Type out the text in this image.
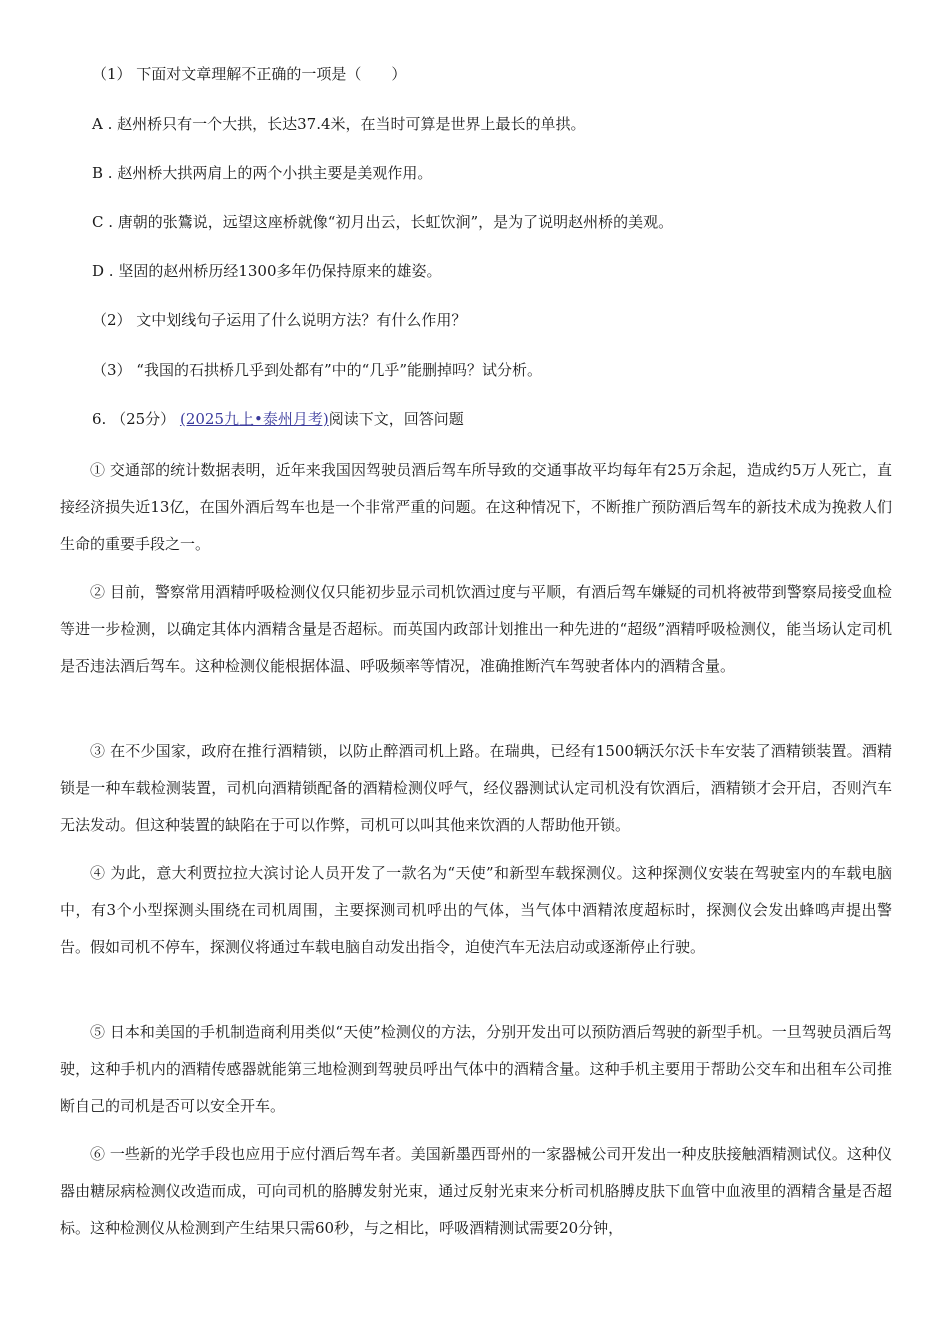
（1） 下面对文章理解不正确的一项是（　　）
A . 赵州桥只有一个大拱，长达37.4米，在当时可算是世界上最长的单拱。
B . 赵州桥大拱两肩上的两个小拱主要是美观作用。
C . 唐朝的张鷟说，远望这座桥就像“初月出云，长虹饮涧”，是为了说明赵州桥的美观。
D . 坚固的赵州桥历经1300多年仍保持原来的雄姿。
（2） 文中划线句子运用了什么说明方法？有什么作用？
（3） “我国的石拱桥几乎到处都有”中的“几乎”能删掉吗？试分析。
6. （25分） (2025九上•泰州月考)阅读下文，回答问题
① 交通部的统计数据表明，近年来我国因驾驶员酒后驾车所导致的交通事故平均每年有25万余起，造成约5万人死亡，直接经济损失近13亿，在国外酒后驾车也是一个非常严重的问题。在这种情况下，不断推广预防酒后驾车的新技术成为挽救人们生命的重要手段之一。
② 目前，警察常用酒精呼吸检测仪仅只能初步显示司机饮酒过度与平顺，有酒后驾车嫌疑的司机将被带到警察局接受血检等进一步检测，以确定其体内酒精含量是否超标。而英国内政部计划推出一种先进的“超级”酒精呼吸检测仪，能当场认定司机是否违法酒后驾车。这种检测仪能根据体温、呼吸频率等情况，准确推断汽车驾驶者体内的酒精含量。
③ 在不少国家，政府在推行酒精锁，以防止醉酒司机上路。在瑞典，已经有1500辆沃尔沃卡车安装了酒精锁装置。酒精锁是一种车载检测装置，司机向酒精锁配备的酒精检测仪呼气，经仪器测试认定司机没有饮酒后，酒精锁才会开启，否则汽车无法发动。但这种装置的缺陷在于可以作弊，司机可以叫其他来饮酒的人帮助他开锁。
④ 为此，意大利贾拉拉大滨讨论人员开发了一款名为“天使”和新型车载探测仪。这种探测仪安装在驾驶室内的车载电脑中，有3个小型探测头围绕在司机周围，主要探测司机呼出的气体，当气体中酒精浓度超标时，探测仪会发出蜂鸣声提出警告。假如司机不停车，探测仪将通过车载电脑自动发出指令，迫使汽车无法启动或逐渐停止行驶。
⑤ 日本和美国的手机制造商利用类似“天使”检测仪的方法，分别开发出可以预防酒后驾驶的新型手机。一旦驾驶员酒后驾驶，这种手机内的酒精传感器就能第三地检测到驾驶员呼出气体中的酒精含量。这种手机主要用于帮助公交车和出租车公司推断自己的司机是否可以安全开车。
⑥ 一些新的光学手段也应用于应付酒后驾车者。美国新墨西哥州的一家器械公司开发出一种皮肤接触酒精测试仪。这种仪器由糖尿病检测仪改造而成，可向司机的胳膊发射光束，通过反射光束来分析司机胳膊皮肤下血管中血液里的酒精含量是否超标。这种检测仪从检测到产生结果只需60秒，与之相比，呼吸酒精测试需要20分钟，
